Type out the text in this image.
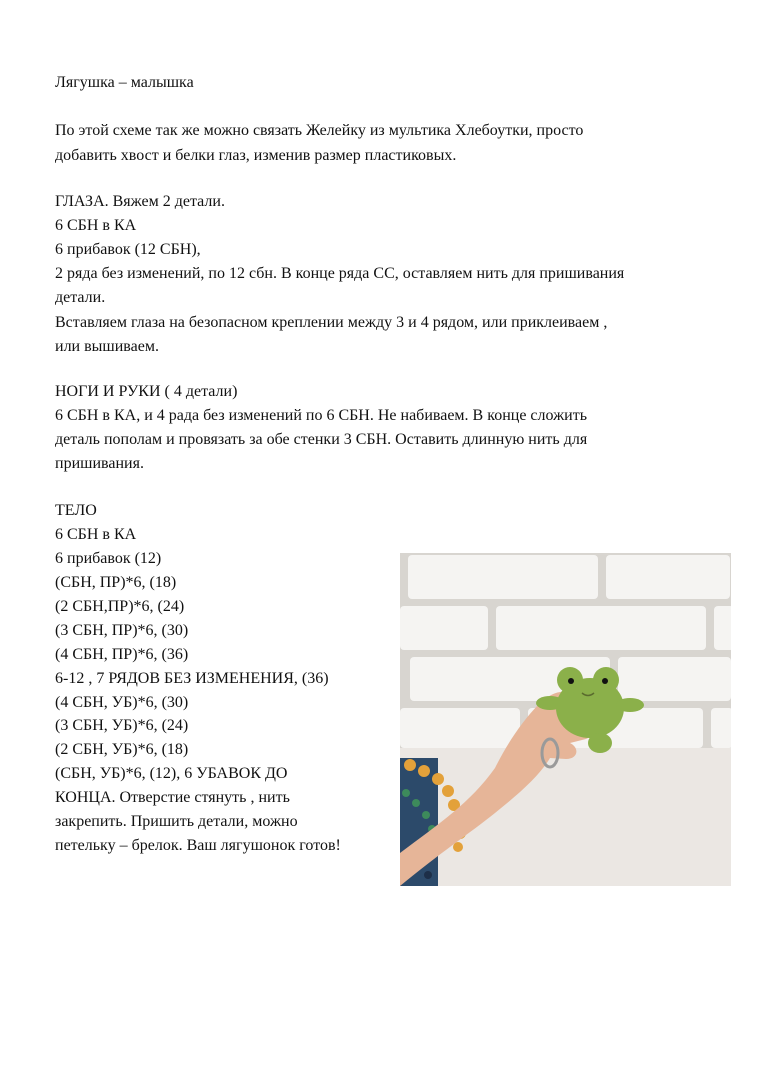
Лягушка – малышка
По этой схеме так же можно связать Желейку из мультика Хлебоутки, просто
добавить хвост и белки глаз, изменив размер пластиковых.
ГЛАЗА. Вяжем 2 детали.
6 СБН в КА
6 прибавок (12 СБН),
2 ряда без изменений, по 12 сбн. В конце ряда СС, оставляем нить для пришивания
детали.
Вставляем глаза на безопасном креплении между 3 и 4 рядом, или приклеиваем ,
или вышиваем.
НОГИ И РУКИ ( 4 детали)
6 СБН в КА, и 4 рада без изменений по 6 СБН. Не набиваем. В конце сложить
деталь пополам и провязать за обе стенки 3 СБН. Оставить длинную нить для
пришивания.
ТЕЛО
6 СБН в КА
6 прибавок (12)
(СБН, ПР)*6, (18)
(2 СБН,ПР)*6, (24)
(3 СБН, ПР)*6, (30)
(4 СБН, ПР)*6, (36)
6-12 , 7 РЯДОВ БЕЗ ИЗМЕНЕНИЯ, (36)
(4 СБН, УБ)*6, (30)
(3 СБН, УБ)*6, (24)
(2 СБН, УБ)*6, (18)
(СБН, УБ)*6, (12), 6 УБАВОК ДО
КОНЦА. Отверстие стянуть , нить
закрепить. Пришить детали, можно
петельку – брелок. Ваш лягушонок готов!
